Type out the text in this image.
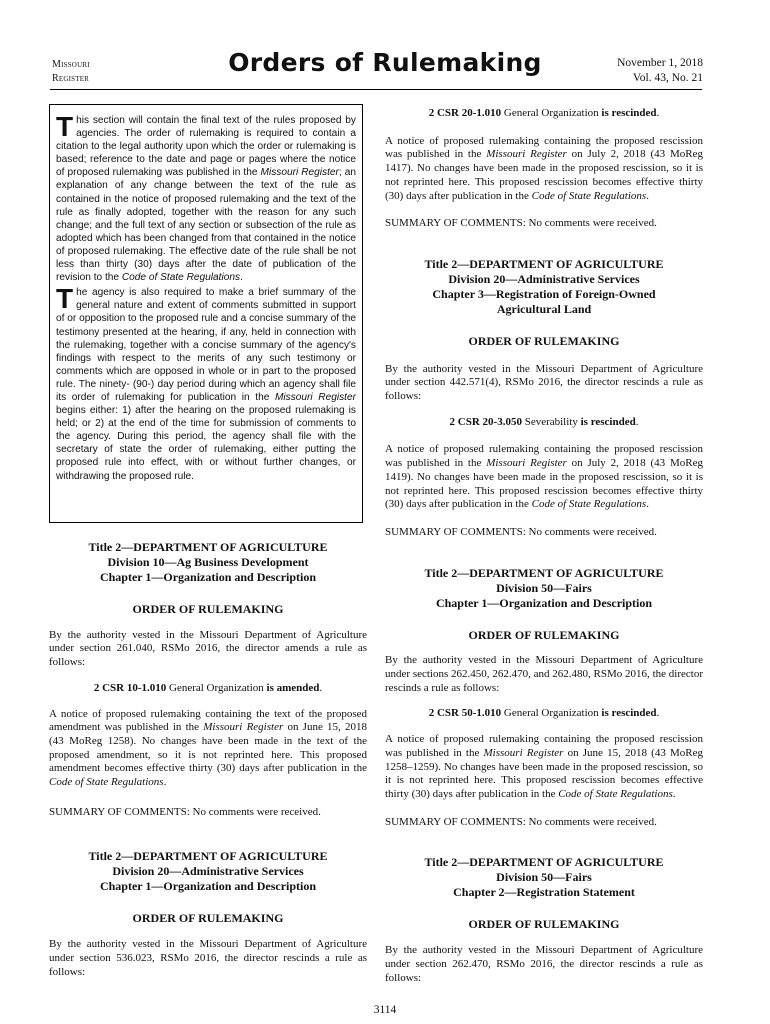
Missouri
Register
Orders of Rulemaking	November 1, 2018
Vol. 43, No. 21

This section will contain the final text of the rules proposed by agencies. The order of rulemaking is required to contain a citation to the legal authority upon which the order or rulemaking is based; reference to the date and page or pages where the notice of proposed rulemaking was published in the Missouri Register; an explanation of any change between the text of the rule as contained in the notice of proposed rulemaking and the text of the rule as finally adopted, together with the reason for any such change; and the full text of any section or subsection of the rule as adopted which has been changed from that contained in the notice of proposed rulemaking. The effective date of the rule shall be not less than thirty (30) days after the date of publication of the revision to the Code of State Regulations.

The agency is also required to make a brief summary of the general nature and extent of comments submitted in support of or opposition to the proposed rule and a concise summary of the testimony presented at the hearing, if any, held in connection with the rulemaking, together with a concise summary of the agency's findings with respect to the merits of any such testimony or comments which are opposed in whole or in part to the proposed rule. The ninety- (90-) day period during which an agency shall file its order of rulemaking for publication in the Missouri Register begins either: 1) after the hearing on the proposed rulemaking is held; or 2) at the end of the time for submission of comments to the agency. During this period, the agency shall file with the secretary of state the order of rulemaking, either putting the proposed rule into effect, with or without further changes, or withdrawing the proposed rule.

Title 2—DEPARTMENT OF AGRICULTURE
Division 10—Ag Business Development
Chapter 1—Organization and Description

ORDER OF RULEMAKING

By the authority vested in the Missouri Department of Agriculture under section 261.040, RSMo 2016, the director amends a rule as follows:

2 CSR 10-1.010 General Organization is amended.

A notice of proposed rulemaking containing the text of the proposed amendment was published in the Missouri Register on June 15, 2018 (43 MoReg 1258). No changes have been made in the text of the proposed amendment, so it is not reprinted here. This proposed amendment becomes effective thirty (30) days after publication in the Code of State Regulations.

SUMMARY OF COMMENTS: No comments were received.

Title 2—DEPARTMENT OF AGRICULTURE
Division 20—Administrative Services
Chapter 1—Organization and Description

ORDER OF RULEMAKING

By the authority vested in the Missouri Department of Agriculture under section 536.023, RSMo 2016, the director rescinds a rule as follows:

2 CSR 20-1.010 General Organization is rescinded.

A notice of proposed rulemaking containing the proposed rescission was published in the Missouri Register on July 2, 2018 (43 MoReg 1417). No changes have been made in the proposed rescission, so it is not reprinted here. This proposed rescission becomes effective thirty (30) days after publication in the Code of State Regulations.

SUMMARY OF COMMENTS: No comments were received.

Title 2—DEPARTMENT OF AGRICULTURE
Division 20—Administrative Services
Chapter 3—Registration of Foreign-Owned
Agricultural Land

ORDER OF RULEMAKING

By the authority vested in the Missouri Department of Agriculture under section 442.571(4), RSMo 2016, the director rescinds a rule as follows:

2 CSR 20-3.050 Severability is rescinded.

A notice of proposed rulemaking containing the proposed rescission was published in the Missouri Register on July 2, 2018 (43 MoReg 1419). No changes have been made in the proposed rescission, so it is not reprinted here. This proposed rescission becomes effective thirty (30) days after publication in the Code of State Regulations.

SUMMARY OF COMMENTS: No comments were received.

Title 2—DEPARTMENT OF AGRICULTURE
Division 50—Fairs
Chapter 1—Organization and Description

ORDER OF RULEMAKING

By the authority vested in the Missouri Department of Agriculture under sections 262.450, 262.470, and 262.480, RSMo 2016, the director rescinds a rule as follows:

2 CSR 50-1.010 General Organization is rescinded.

A notice of proposed rulemaking containing the proposed rescission was published in the Missouri Register on June 15, 2018 (43 MoReg 1258–1259). No changes have been made in the proposed rescission, so it is not reprinted here. This proposed rescission becomes effective thirty (30) days after publication in the Code of State Regulations.

SUMMARY OF COMMENTS: No comments were received.

Title 2—DEPARTMENT OF AGRICULTURE
Division 50—Fairs
Chapter 2—Registration Statement

ORDER OF RULEMAKING

By the authority vested in the Missouri Department of Agriculture under section 262.470, RSMo 2016, the director rescinds a rule as follows:

3114
